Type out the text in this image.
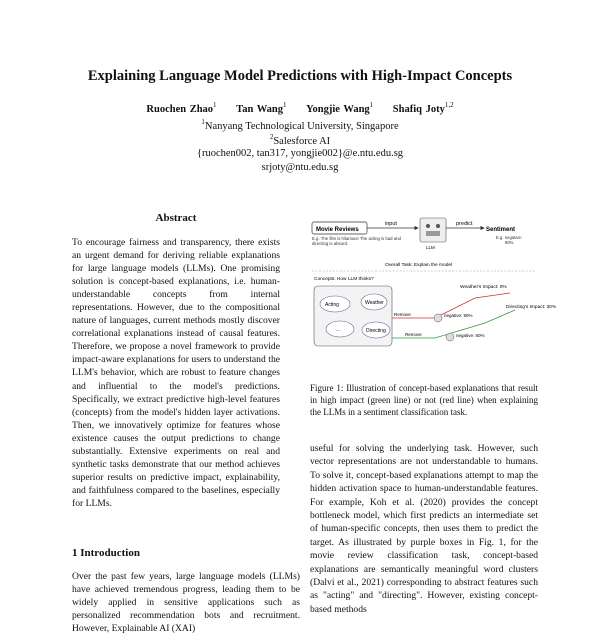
Explaining Language Model Predictions with High-Impact Concepts
Ruochen Zhao$^1$ Tan Wang$^1$ Yongjie Wang$^1$ Shafiq Joty$^{1,2}$
$^1$Nanyang Technological University, Singapore
$^2$Salesforce AI
{ruochen002, tan317, yongjie002}@e.ntu.edu.sg
srjoty@ntu.edu.sg
Abstract
To encourage fairness and transparency, there exists an urgent demand for deriving reliable explanations for large language models (LLMs). One promising solution is concept-based explanations, i.e. human-understandable concepts from internal representations. However, due to the compositional nature of languages, current methods mostly discover correlational explanations instead of causal features. Therefore, we propose a novel framework to provide impact-aware explanations for users to understand the LLM's behavior, which are robust to feature changes and influential to the model's predictions. Specifically, we extract predictive high-level features (concepts) from the model's hidden layer activations. Then, we innovatively optimize for features whose existence causes the output predictions to change substantially. Extensive experiments on real and synthetic tasks demonstrate that our method achieves superior results on predictive impact, explainability, and faithfulness compared to the baselines, especially for LLMs.
1 Introduction
Over the past few years, large language models (LLMs) have achieved tremendous progress, leading them to be widely applied in sensitive applications such as personalized recommendation bots and recruitment. However, Explainable AI (XAI)
Movie Reviews
input
LLM
predict
Sentiment
E.g. The film is hilarious! The acting is bad and directing is absurd.
E.g. negative: 90%
Overall Task: Explain the model
Concepts: How LLM thinks?
Acting	Weather
...	Directing
Remove	negative: 90%
Weather's Impact: 0%
Remove	negative: 60%
Directing's Impact: 30%
Figure 1: Illustration of concept-based explanations that result in high impact (green line) or not (red line) when explaining the LLMs in a sentiment classification task.
useful for solving the underlying task. However, such vector representations are not understandable to humans. To solve it, concept-based explanations attempt to map the hidden activation space to human-understandable features. For example, Koh et al. (2020) provides the concept bottleneck model, which first predicts an intermediate set of human-specific concepts, then uses them to predict the target. As illustrated by purple boxes in Fig. 1, for the movie review classification task, concept-based explanations are semantically meaningful word clusters (Dalvi et al., 2021) corresponding to abstract features such as "acting" and "directing". However, existing concept-based methods
